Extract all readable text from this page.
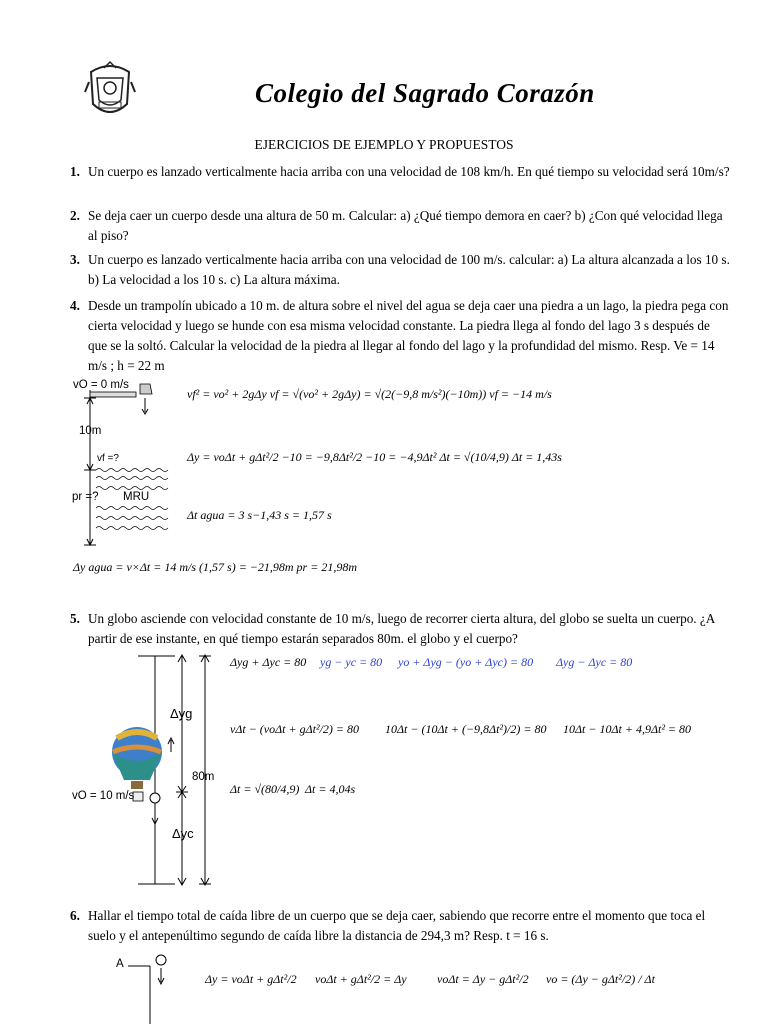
Colegio del Sagrado Corazón
EJERCICIOS DE EJEMPLO Y PROPUESTOS
1. Un cuerpo es lanzado verticalmente hacia arriba con una velocidad de 108 km/h. En qué tiempo su velocidad será 10m/s?
2. Se deja caer un cuerpo desde una altura de 50 m. Calcular: a) ¿Qué tiempo demora en caer? b) ¿Con qué velocidad llega al piso?
3. Un cuerpo es lanzado verticalmente hacia arriba con una velocidad de 100 m/s. calcular: a) La altura alcanzada a los 10 s. b) La velocidad a los 10 s. c) La altura máxima.
4. Desde un trampolín ubicado a 10 m. de altura sobre el nivel del agua se deja caer una piedra a un lago, la piedra pega con cierta velocidad y luego se hunde con esa misma velocidad constante. La piedra llega al fondo del lago 3 s después de que se la soltó. Calcular la velocidad de la piedra al llegar al fondo del lago y la profundidad del mismo. Resp. Ve = 14 m/s ; h = 22 m
vO = 0 m/s
10m
vf =?
pr =? MRU
vf² = vo² + 2gΔy vf = √(vo² + 2gΔy) = √(2(−9,8 m/s²)(−10m)) vf = −14 m/s
Δy = voΔt + gΔt²/2 −10 = −9,8Δt²/2 −10 = −4,9Δt² Δt = √(10/4,9) Δt = 1,43s
Δt agua = 3 s−1,43 s = 1,57 s
Δy agua = v×Δt = 14 m/s (1,57 s) = −21,98m pr = 21,98m
5. Un globo asciende con velocidad constante de 10 m/s, luego de recorrer cierta altura, del globo se suelta un cuerpo. ¿A partir de ese instante, en qué tiempo estarán separados 80m. el globo y el cuerpo?
Δyg
80m
vO = 10 m/s
Δyc
Δyg + Δyc = 80 yg − yc = 80 yo + Δyg − (yo + Δyc) = 80 Δyg − Δyc = 80
vΔt − (voΔt + gΔt²/2) = 80 10Δt − (10Δt + (−9,8Δt²)/2) = 80 10Δt − 10Δt + 4,9Δt² = 80
Δt = √(80/4,9) Δt = 4,04s
6. Hallar el tiempo total de caída libre de un cuerpo que se deja caer, sabiendo que recorre entre el momento que toca el suelo y el antepenúltimo segundo de caída libre la distancia de 294,3 m? Resp. t = 16 s.
A
Δy = voΔt + gΔt²/2 voΔt + gΔt²/2 = Δy	voΔt = Δy − gΔt²/2 vo = (Δy − gΔt²/2) / Δt
